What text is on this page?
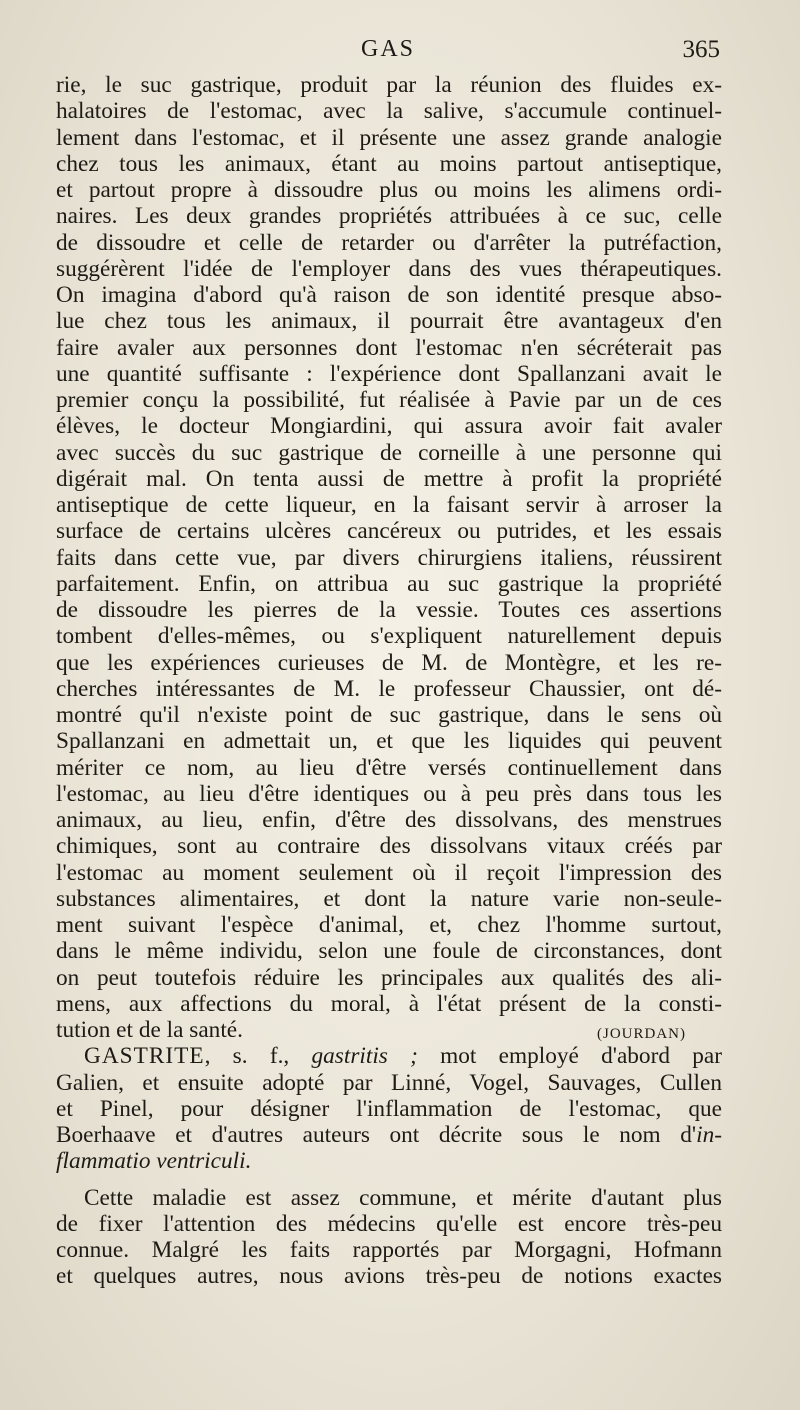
GAS	365
rie, le suc gastrique, produit par la réunion des fluides ex-
halatoires de l'estomac, avec la salive, s'accumule continuel-
lement dans l'estomac, et il présente une assez grande analogie
chez tous les animaux, étant au moins partout antiseptique,
et partout propre à dissoudre plus ou moins les alimens ordi-
naires. Les deux grandes propriétés attribuées à ce suc, celle
de dissoudre et celle de retarder ou d'arrêter la putréfaction,
suggérèrent l'idée de l'employer dans des vues thérapeutiques.
On imagina d'abord qu'à raison de son identité presque abso-
lue chez tous les animaux, il pourrait être avantageux d'en
faire avaler aux personnes dont l'estomac n'en sécréterait pas
une quantité suffisante : l'expérience dont Spallanzani avait le
premier conçu la possibilité, fut réalisée à Pavie par un de ces
élèves, le docteur Mongiardini, qui assura avoir fait avaler
avec succès du suc gastrique de corneille à une personne qui
digérait mal. On tenta aussi de mettre à profit la propriété
antiseptique de cette liqueur, en la faisant servir à arroser la
surface de certains ulcères cancéreux ou putrides, et les essais
faits dans cette vue, par divers chirurgiens italiens, réussirent
parfaitement. Enfin, on attribua au suc gastrique la propriété
de dissoudre les pierres de la vessie. Toutes ces assertions
tombent d'elles-mêmes, ou s'expliquent naturellement depuis
que les expériences curieuses de M. de Montègre, et les re-
cherches intéressantes de M. le professeur Chaussier, ont dé-
montré qu'il n'existe point de suc gastrique, dans le sens où
Spallanzani en admettait un, et que les liquides qui peuvent
mériter ce nom, au lieu d'être versés continuellement dans
l'estomac, au lieu d'être identiques ou à peu près dans tous les
animaux, au lieu, enfin, d'être des dissolvans, des menstrues
chimiques, sont au contraire des dissolvans vitaux créés par
l'estomac au moment seulement où il reçoit l'impression des
substances alimentaires, et dont la nature varie non-seule-
ment suivant l'espèce d'animal, et, chez l'homme surtout,
dans le même individu, selon une foule de circonstances, dont
on peut toutefois réduire les principales aux qualités des ali-
mens, aux affections du moral, à l'état présent de la consti-
tution et de la santé.	(JOURDAN)
GASTRITE, s. f., gastritis ; mot employé d'abord par
Galien, et ensuite adopté par Linné, Vogel, Sauvages, Cullen
et Pinel, pour désigner l'inflammation de l'estomac, que
Boerhaave et d'autres auteurs ont décrite sous le nom d'in-
flammatio ventriculi.
Cette maladie est assez commune, et mérite d'autant plus
de fixer l'attention des médecins qu'elle est encore très-peu
connue. Malgré les faits rapportés par Morgagni, Hofmann
et quelques autres, nous avions très-peu de notions exactes
